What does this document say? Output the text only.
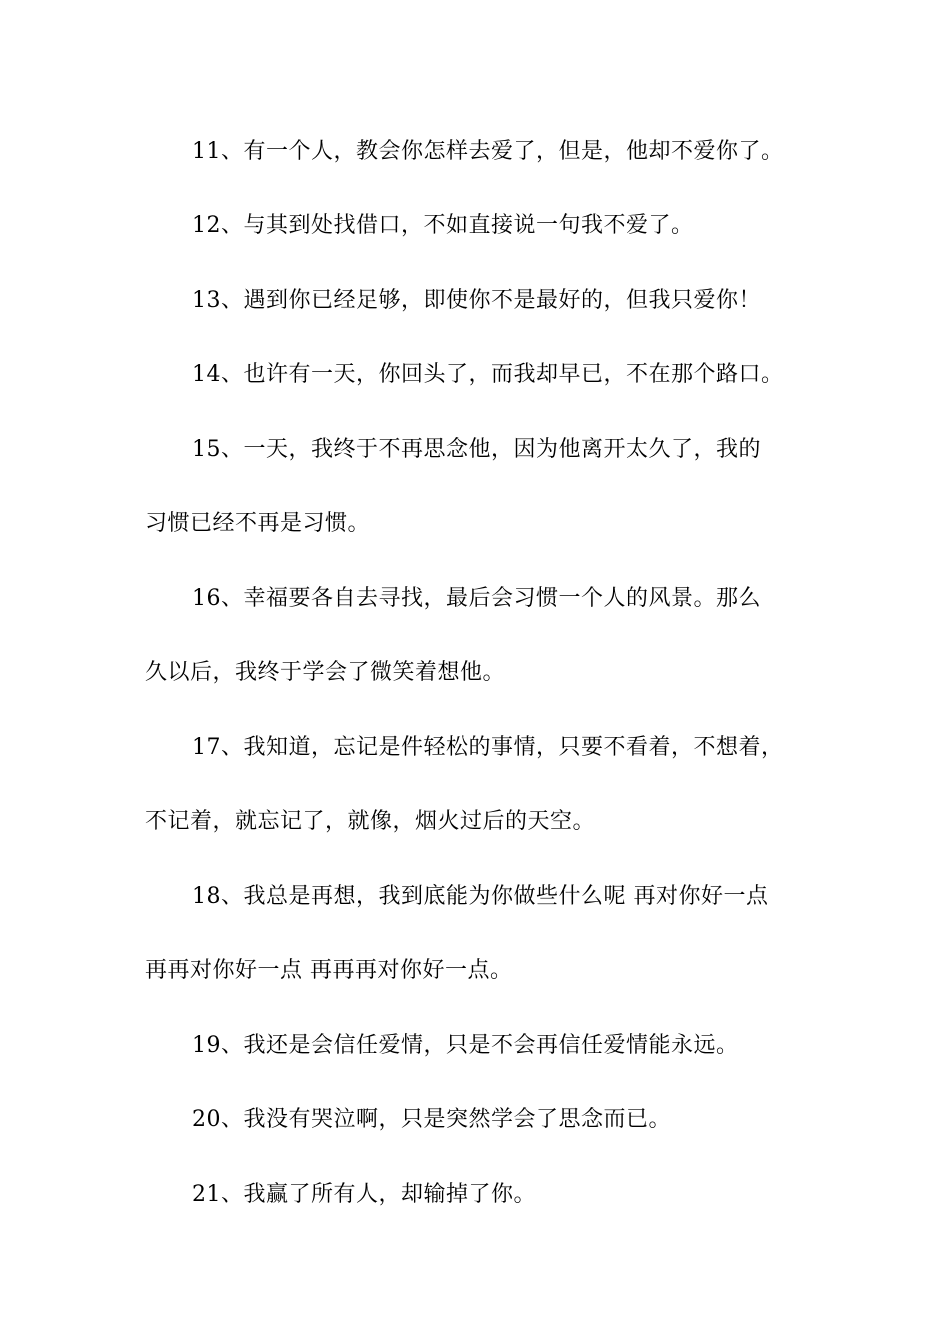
11、有一个人，教会你怎样去爱了，但是，他却不爱你了。

12、与其到处找借口，不如直接说一句我不爱了。

13、遇到你已经足够，即使你不是最好的，但我只爱你！

14、也许有一天，你回头了，而我却早已，不在那个路口。

15、一天，我终于不再思念他，因为他离开太久了，我的

习惯已经不再是习惯。

16、幸福要各自去寻找，最后会习惯一个人的风景。那么

久以后，我终于学会了微笑着想他。

17、我知道，忘记是件轻松的事情，只要不看着，不想着，

不记着，就忘记了，就像，烟火过后的天空。

18、我总是再想，我到底能为你做些什么呢 再对你好一点

再再对你好一点 再再再对你好一点。

19、我还是会信任爱情，只是不会再信任爱情能永远。

20、我没有哭泣啊，只是突然学会了思念而已。

21、我赢了所有人，却输掉了你。
